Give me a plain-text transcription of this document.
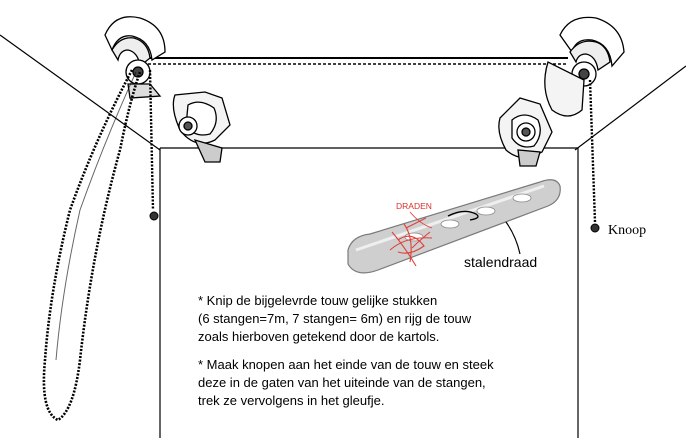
DRADEN
stalendraad
Knoop
* Knip de bijgelevrde touw gelijke stukken
(6 stangen=7m, 7 stangen= 6m) en rijg de touw
zoals hierboven getekend door de kartols.
* Maak knopen aan het einde van de touw en steek
deze in de gaten van het uiteinde van de stangen,
trek ze vervolgens in het gleufje.
